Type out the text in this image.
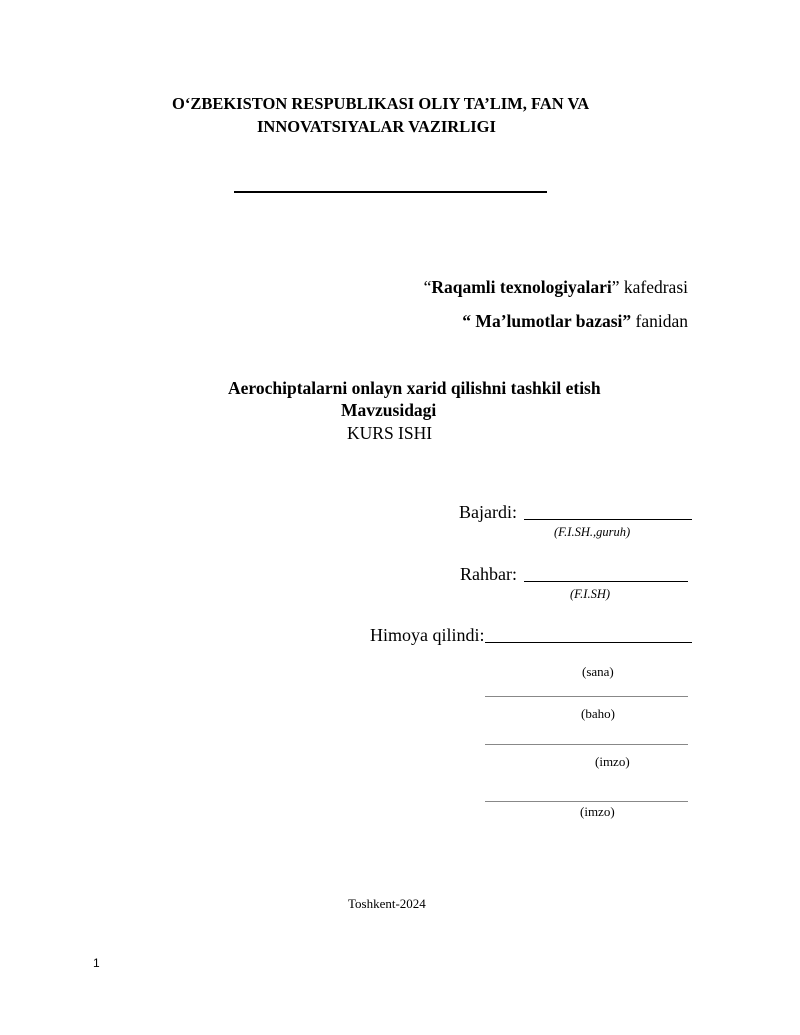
O‘ZBEKISTON RESPUBLIKASI OLIY TA’LIM, FAN VA
INNOVATSIYALAR VAZIRLIGI
“Raqamli texnologiyalari” kafedrasi
“ Ma’lumotlar bazasi” fanidan
Aerochiptalarni onlayn xarid qilishni tashkil etish
Mavzusidagi
KURS ISHI
Bajardi:
(F.I.SH.,guruh)
Rahbar:
(F.I.SH)
Himoya qilindi:
(sana)
(baho)
(imzo)
(imzo)
Toshkent-2024
1
